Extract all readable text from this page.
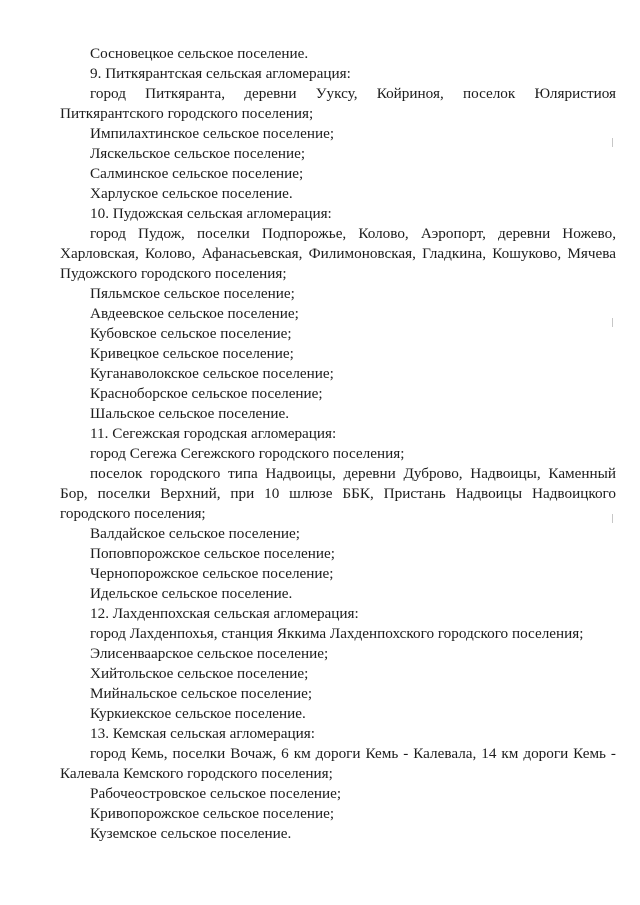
Сосновецкое сельское поселение.
9. Питкярантская сельская агломерация:
город Питкяранта, деревни Ууксу, Койриноя, поселок Юляристиоя
Питкярантского городского поселения;
Импилахтинское сельское поселение;
Ляскельское сельское поселение;
Салминское сельское поселение;
Харлуское сельское поселение.
10. Пудожская сельская агломерация:
город Пудож, поселки Подпорожье, Колово, Аэропорт, деревни Ножево,
Харловская, Колово, Афанасьевская, Филимоновская, Гладкина, Кошуково, Мячева
Пудожского городского поселения;
Пяльмское сельское поселение;
Авдеевское сельское поселение;
Кубовское сельское поселение;
Кривецкое сельское поселение;
Куганаволокское сельское поселение;
Красноборское сельское поселение;
Шальское сельское поселение.
11. Сегежская городская агломерация:
город Сегежа Сегежского городского поселения;
поселок городского типа Надвоицы, деревни Дуброво, Надвоицы, Каменный
Бор, поселки Верхний, при 10 шлюзе ББК, Пристань Надвоицы Надвоицкого
городского поселения;
Валдайское сельское поселение;
Поповпорожское сельское поселение;
Чернопорожское сельское поселение;
Идельское сельское поселение.
12. Лахденпохская сельская агломерация:
город Лахденпохья, станция Яккима Лахденпохского городского поселения;
Элисенваарское сельское поселение;
Хийтольское сельское поселение;
Мийнальское сельское поселение;
Куркиекское сельское поселение.
13. Кемская сельская агломерация:
город Кемь, поселки Вочаж, 6 км дороги Кемь - Калевала, 14 км дороги Кемь -
Калевала Кемского городского поселения;
Рабочеостровское сельское поселение;
Кривопорожское сельское поселение;
Куземское сельское поселение.
